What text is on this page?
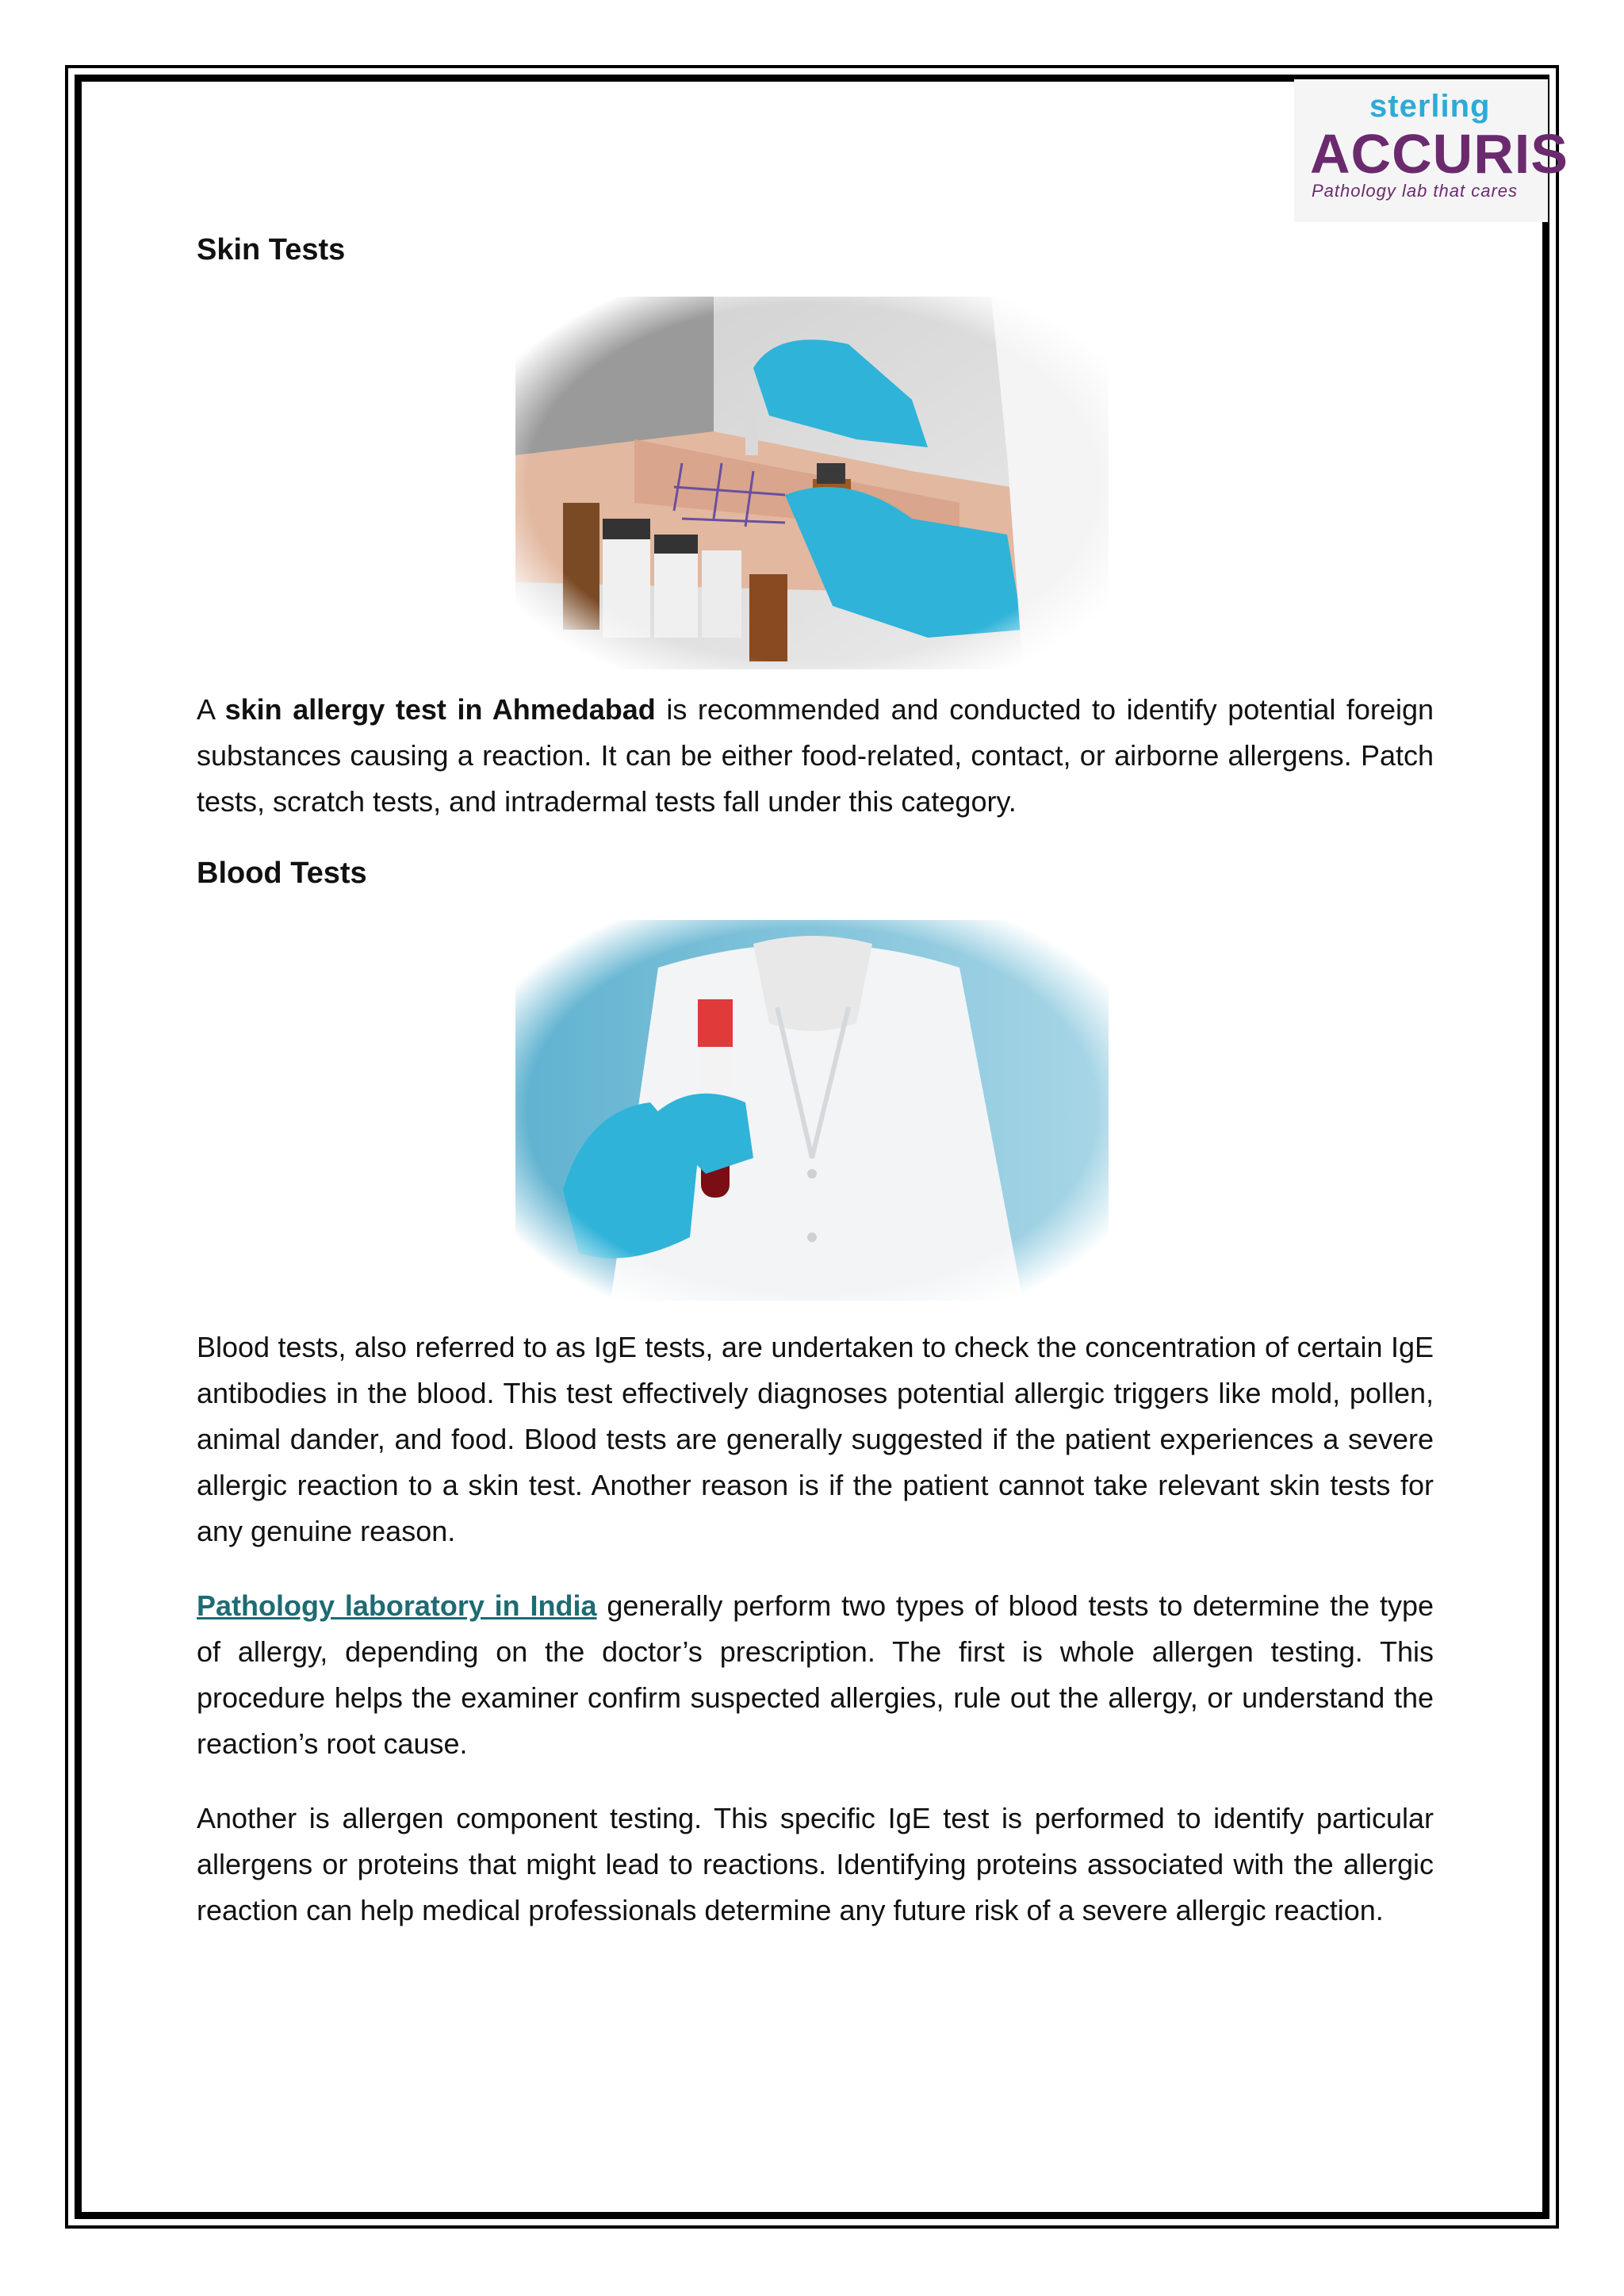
sterling
ACCURIS
Pathology lab that cares
Skin Tests
A skin allergy test in Ahmedabad is recommended and conducted to identify potential foreign substances causing a reaction. It can be either food-related, contact, or airborne allergens. Patch tests, scratch tests, and intradermal tests fall under this category.
Blood Tests
Blood tests, also referred to as IgE tests, are undertaken to check the concentration of certain IgE antibodies in the blood. This test effectively diagnoses potential allergic triggers like mold, pollen, animal dander, and food. Blood tests are generally suggested if the patient experiences a severe allergic reaction to a skin test. Another reason is if the patient cannot take relevant skin tests for any genuine reason.
Pathology laboratory in India generally perform two types of blood tests to determine the type of allergy, depending on the doctor’s prescription. The first is whole allergen testing. This procedure helps the examiner confirm suspected allergies, rule out the allergy, or understand the reaction’s root cause.
Another is allergen component testing. This specific IgE test is performed to identify particular allergens or proteins that might lead to reactions. Identifying proteins associated with the allergic reaction can help medical professionals determine any future risk of a severe allergic reaction.
